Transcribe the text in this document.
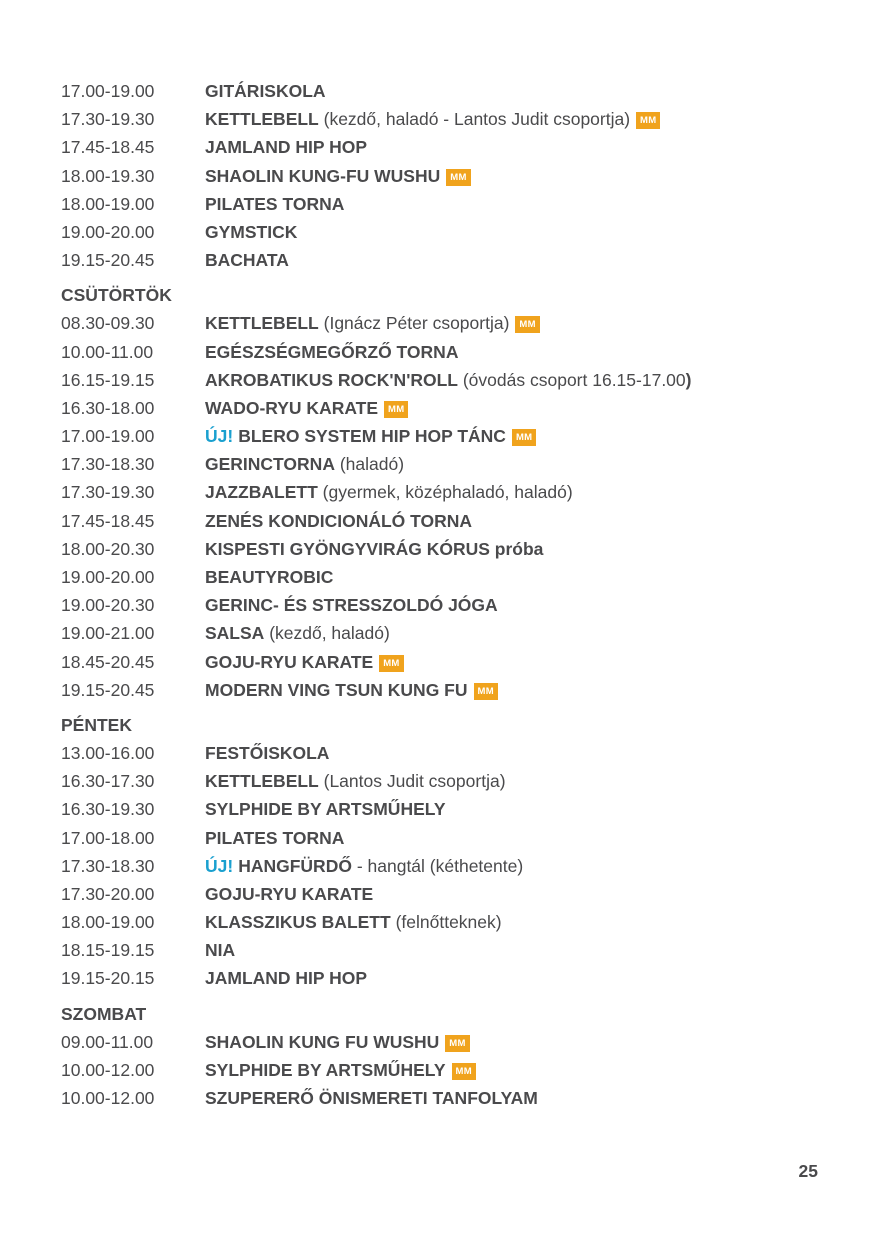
17.00-19.00	GITÁRISKOLA
17.30-19.30	KETTLEBELL (kezdő, haladó - Lantos Judit csoportja) MM
17.45-18.45	JAMLAND HIP HOP
18.00-19.30	SHAOLIN KUNG-FU WUSHU MM
18.00-19.00	PILATES TORNA
19.00-20.00	GYMSTICK
19.15-20.45	BACHATA
CSÜTÖRTÖK
08.30-09.30	KETTLEBELL (Ignácz Péter csoportja) MM
10.00-11.00	EGÉSZSÉGMEGŐRZŐ TORNA
16.15-19.15	AKROBATIKUS ROCK'N'ROLL (óvodás csoport 16.15-17.00)
16.30-18.00	WADO-RYU KARATE MM
17.00-19.00	ÚJ! BLERO SYSTEM HIP HOP TÁNC MM
17.30-18.30	GERINCTORNA (haladó)
17.30-19.30	JAZZBALETT (gyermek, középhaladó, haladó)
17.45-18.45	ZENÉS KONDICIONÁLÓ TORNA
18.00-20.30	KISPESTI GYÖNGYVIRÁG KÓRUS próba
19.00-20.00	BEAUTYROBIC
19.00-20.30	GERINC- ÉS STRESSZOLDÓ JÓGA
19.00-21.00	SALSA (kezdő, haladó)
18.45-20.45	GOJU-RYU KARATE MM
19.15-20.45	MODERN VING TSUN KUNG FU MM
PÉNTEK
13.00-16.00	FESTŐISKOLA
16.30-17.30	KETTLEBELL (Lantos Judit csoportja)
16.30-19.30	SYLPHIDE BY ARTSMŰHELY
17.00-18.00	PILATES TORNA
17.30-18.30	ÚJ! HANGFÜRDŐ - hangtál (kéthetente)
17.30-20.00	GOJU-RYU KARATE
18.00-19.00	KLASSZIKUS BALETT (felnőtteknek)
18.15-19.15	NIA
19.15-20.15	JAMLAND HIP HOP
SZOMBAT
09.00-11.00	SHAOLIN KUNG FU WUSHU MM
10.00-12.00	SYLPHIDE BY ARTSMŰHELY MM
10.00-12.00	SZUPERERŐ ÖNISMERETI TANFOLYAM
25
